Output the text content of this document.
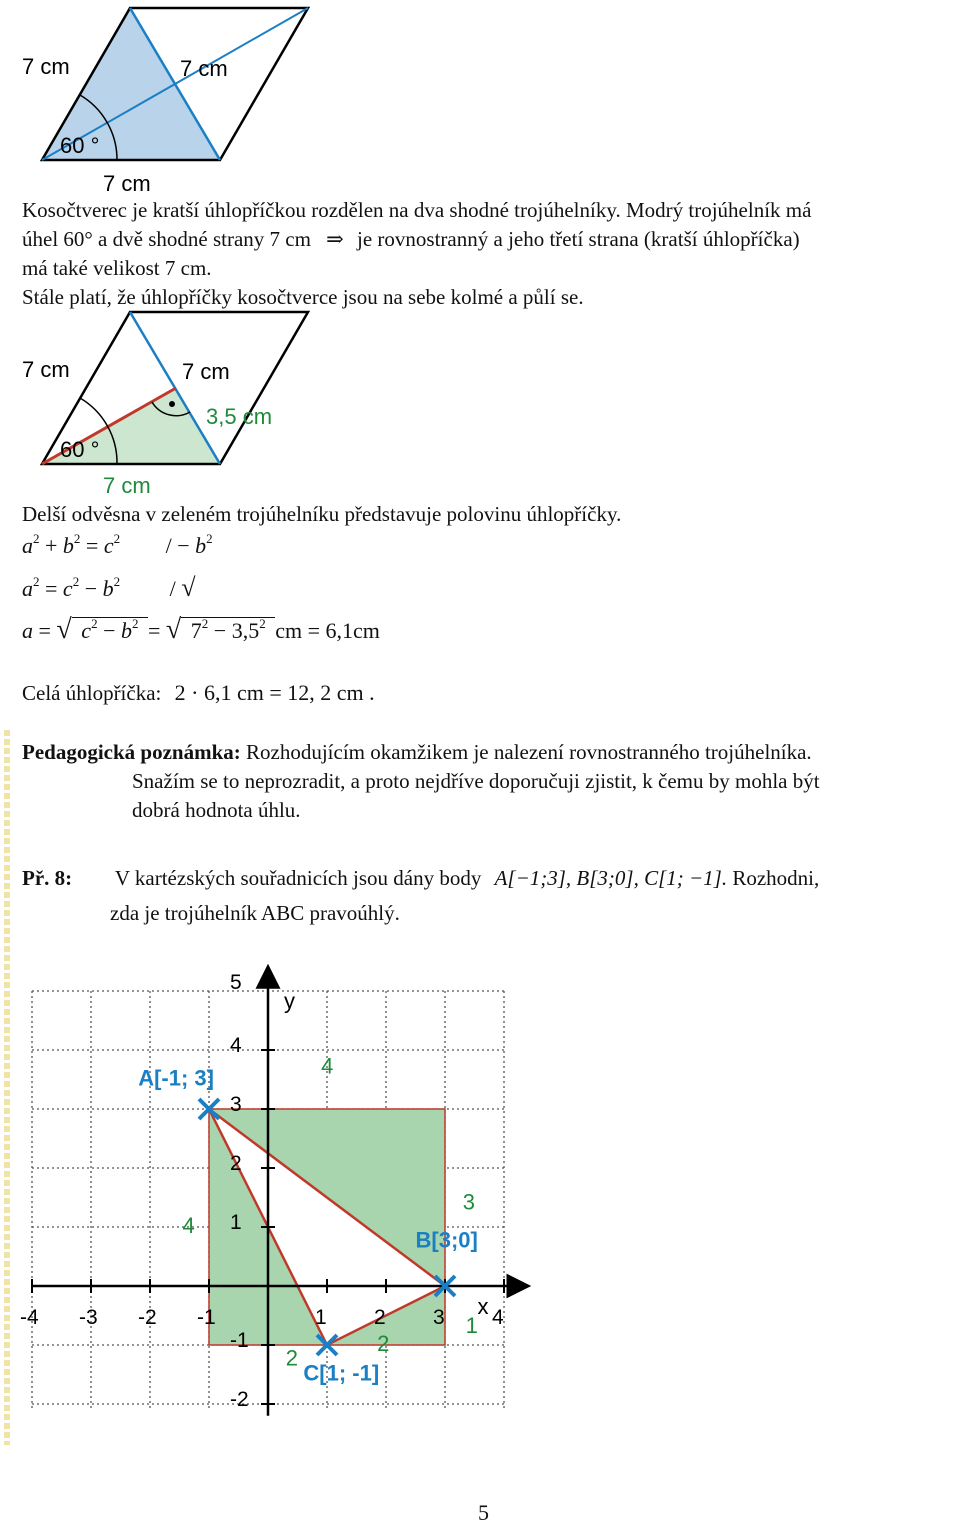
7 cm	7 cm
60 °
7 cm
Kosočtverec je kratší úhlopříčkou rozdělen na dva shodné trojúhelníky. Modrý trojúhelník má
úhel 60° a dvě shodné strany 7 cm ⇒ je rovnostranný a jeho třetí strana (kratší úhlopříčka)
má také velikost 7 cm.
Stále platí, že úhlopříčky kosočtverce jsou na sebe kolmé a půlí se.
7 cm	7 cm
3,5 cm
60 °
7 cm
Delší odvěsna v zeleném trojúhelníku představuje polovinu úhlopříčky.
$a^2 + b^2 = c^2$ / − $b^2$
$a^2 = c^2 - b^2$ / √
a = √ $c^2 - b^2$ = √ $7^2 - 3,5^2$ cm = 6,1cm
Celá úhlopříčka: 2 · 6,1 cm = 12, 2 cm .
Pedagogická poznámka: Rozhodujícím okamžikem je nalezení rovnostranného trojúhelníka.
Snažím se to neprozradit, a proto nejdříve doporučuji zjistit, k čemu by mohla být
dobrá hodnota úhlu.
Př. 8: V kartézských souřadnicích jsou dány body A[−1;3], B[3;0], C[1; −1]. Rozhodni,
zda je trojúhelník ABC pravoúhlý.
-4 -3 -2 -1	1 2 3 4
5
4
3
2
1
-1
-2
x
y
A[-1; 3]
B[3;0]
C[1; -1]
4
4
3
1
2
2
5
